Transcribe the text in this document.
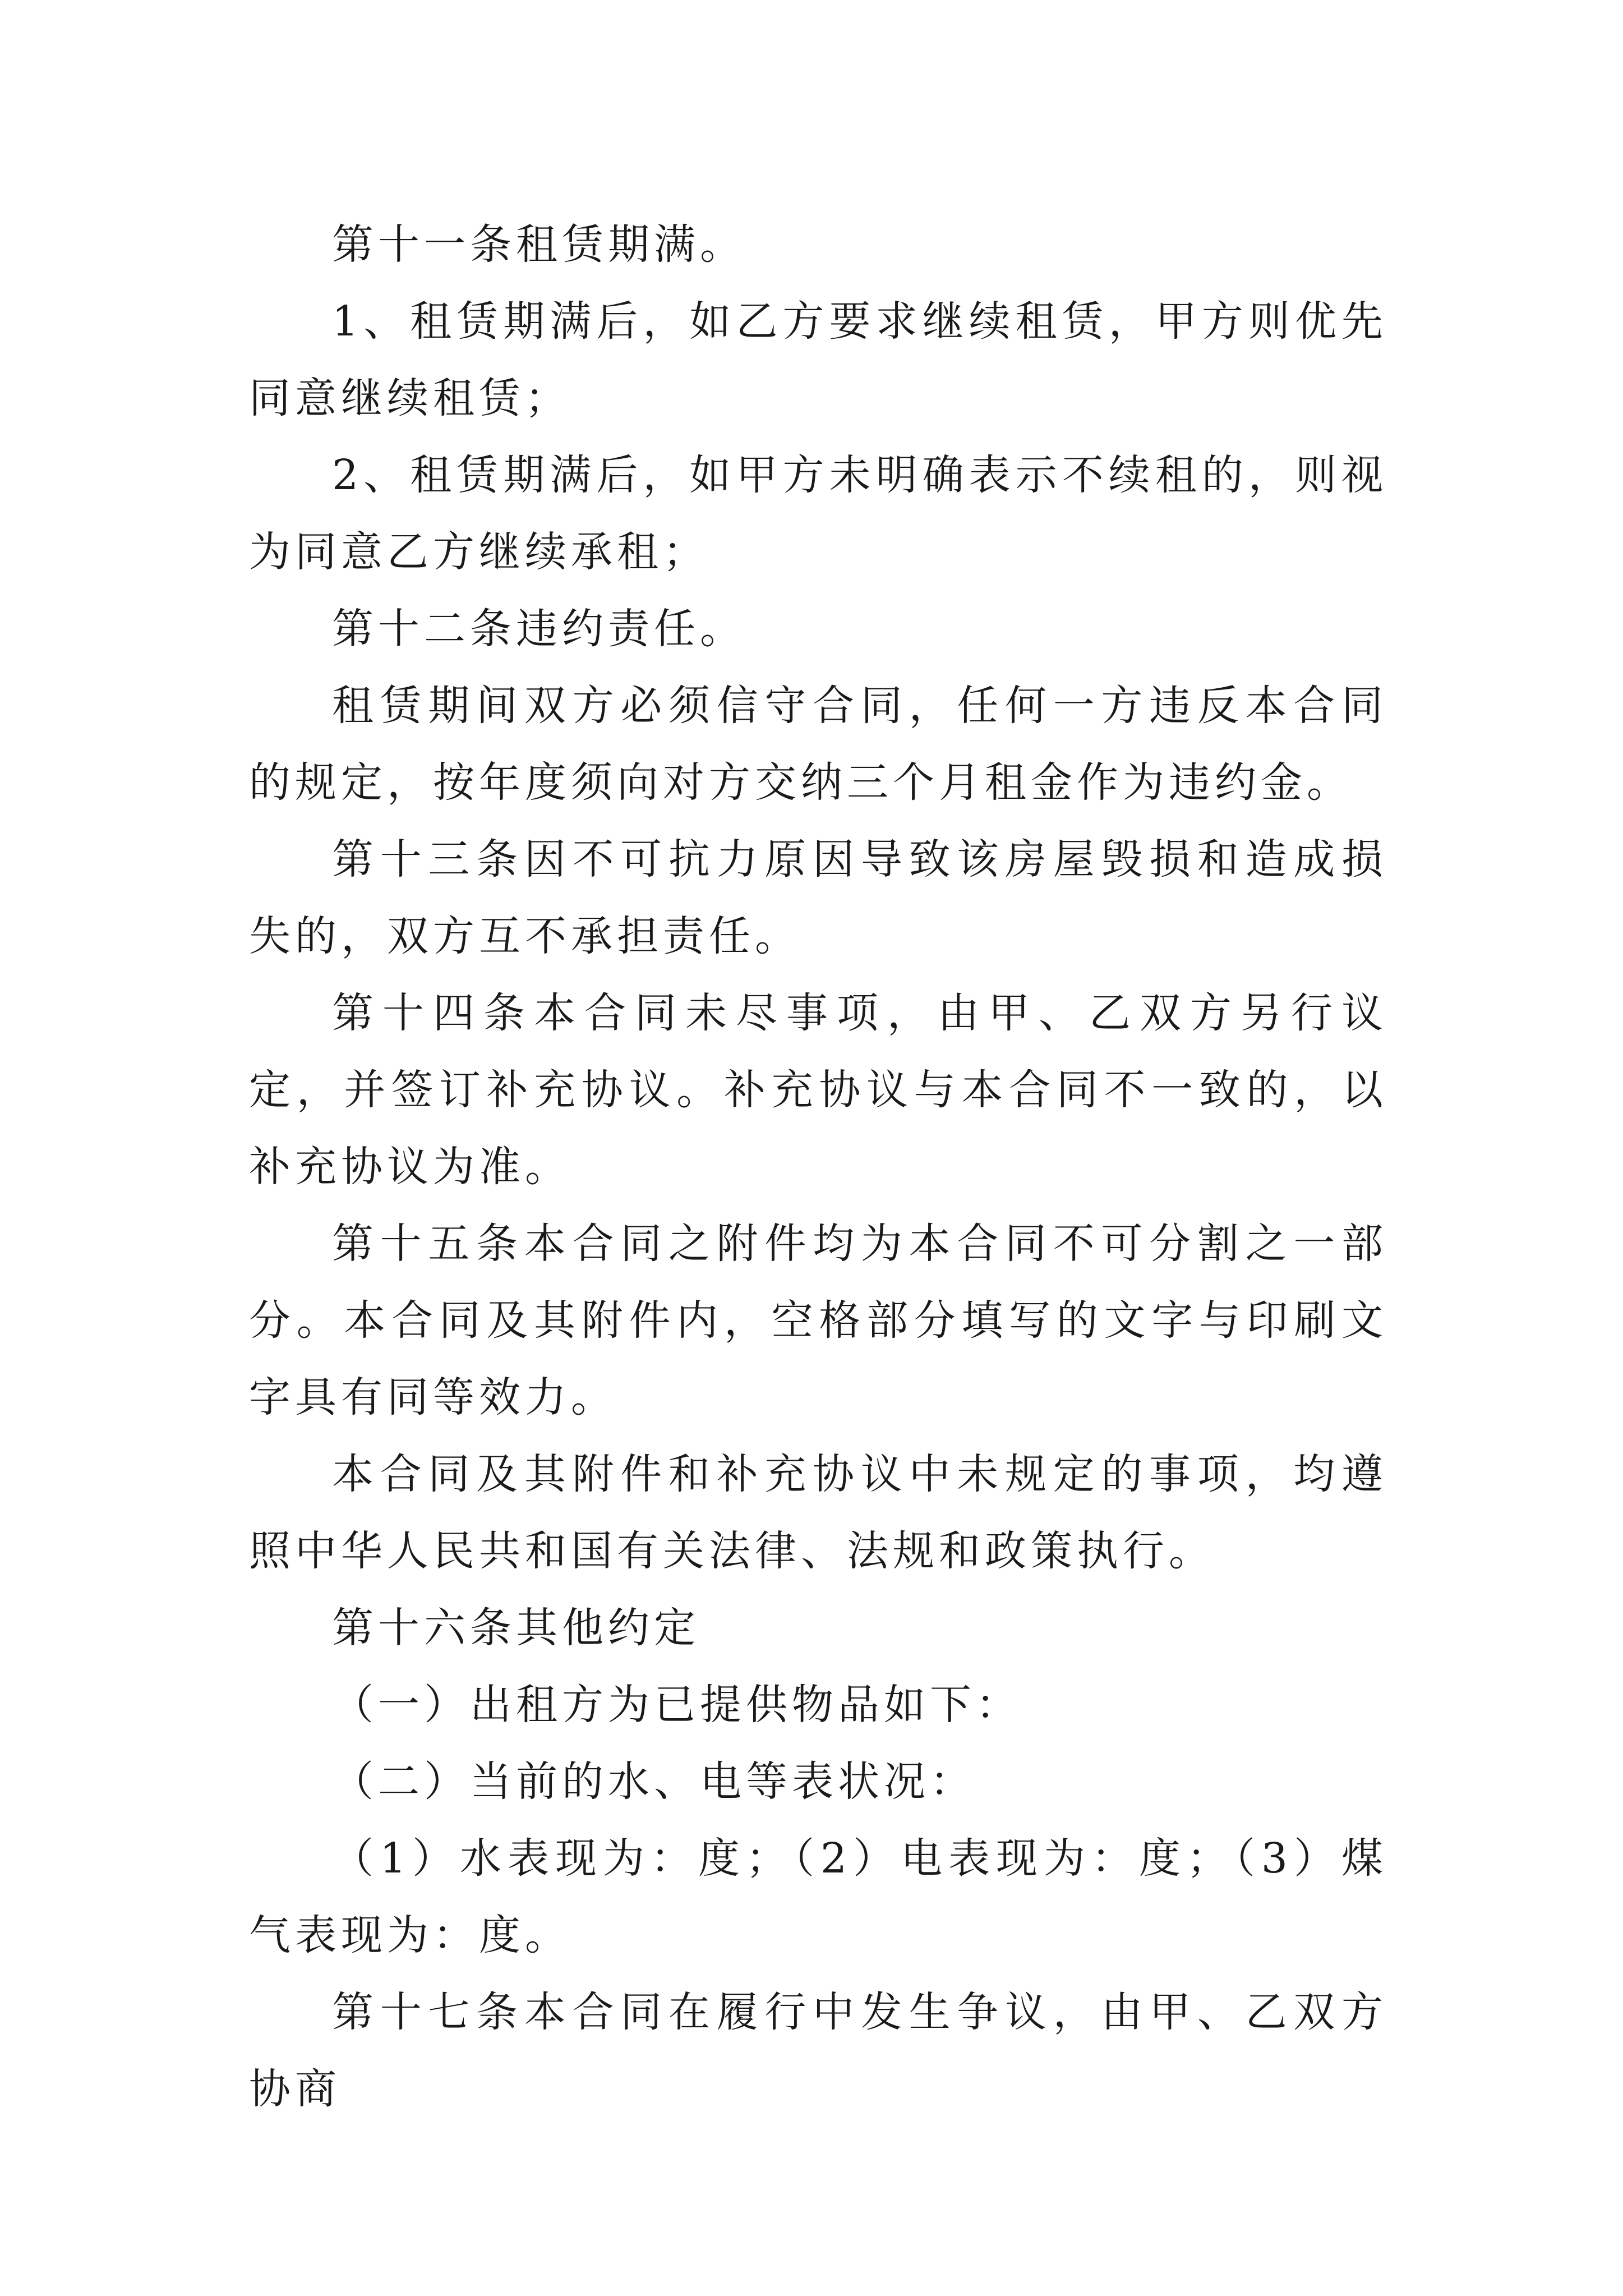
第十一条租赁期满。

1、租赁期满后，如乙方要求继续租赁，甲方则优先同意继续租赁；

2、租赁期满后，如甲方未明确表示不续租的，则视为同意乙方继续承租；

第十二条违约责任。

租赁期间双方必须信守合同，任何一方违反本合同的规定，按年度须向对方交纳三个月租金作为违约金。

第十三条因不可抗力原因导致该房屋毁损和造成损失的，双方互不承担责任。

第十四条本合同未尽事项，由甲、乙双方另行议定，并签订补充协议。补充协议与本合同不一致的，以补充协议为准。

第十五条本合同之附件均为本合同不可分割之一部分。本合同及其附件内，空格部分填写的文字与印刷文字具有同等效力。

本合同及其附件和补充协议中未规定的事项，均遵照中华人民共和国有关法律、法规和政策执行。

第十六条其他约定

（一）出租方为已提供物品如下：

（二）当前的水、电等表状况：

（1）水表现为：度；（2）电表现为：度；（3）煤气表现为：度。

第十七条本合同在履行中发生争议，由甲、乙双方协商
